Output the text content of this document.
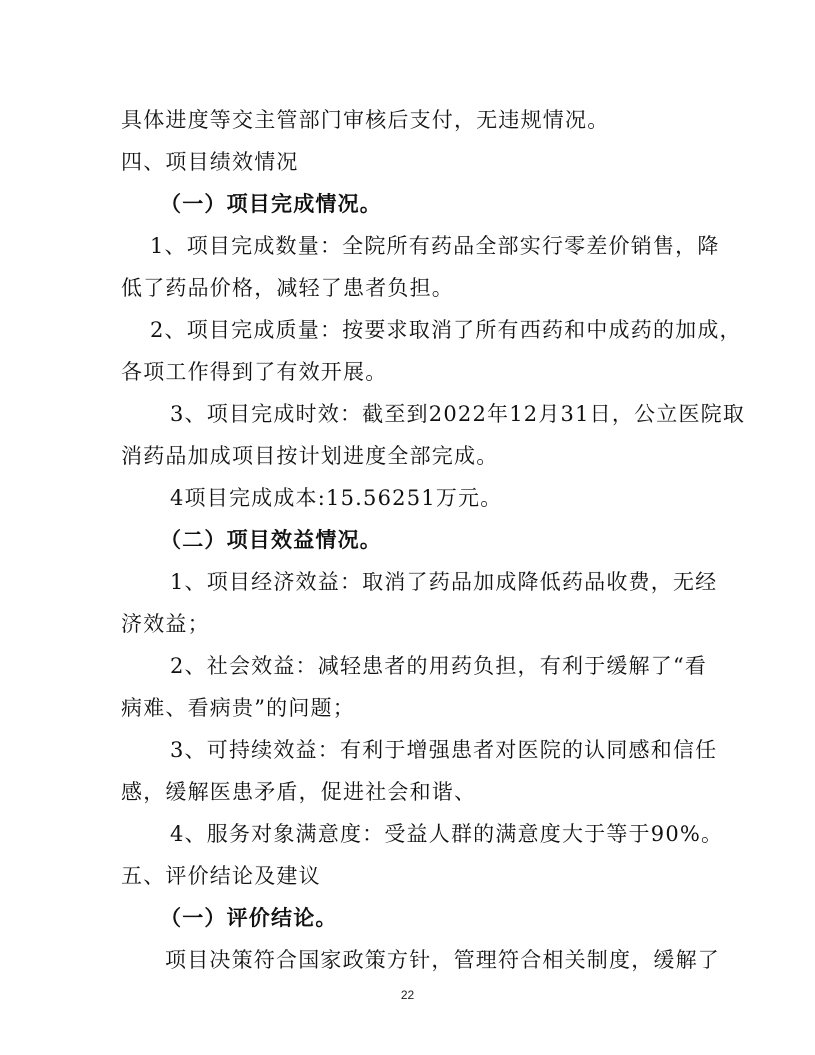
具体进度等交主管部门审核后支付，无违规情况。
四、项目绩效情况
（一）项目完成情况。
1、项目完成数量：全院所有药品全部实行零差价销售，降
低了药品价格，减轻了患者负担。
2、项目完成质量：按要求取消了所有西药和中成药的加成，
各项工作得到了有效开展。
3、项目完成时效：截至到2022年12月31日，公立医院取
消药品加成项目按计划进度全部完成。
4项目完成成本:15.56251万元。
（二）项目效益情况。
1、项目经济效益：取消了药品加成降低药品收费，无经
济效益；
2、社会效益：减轻患者的用药负担，有利于缓解了“看
病难、看病贵”的问题；
3、可持续效益：有利于增强患者对医院的认同感和信任
感，缓解医患矛盾，促进社会和谐、
4、服务对象满意度：受益人群的满意度大于等于90%。
五、评价结论及建议
（一）评价结论。
项目决策符合国家政策方针，管理符合相关制度，缓解了
22
